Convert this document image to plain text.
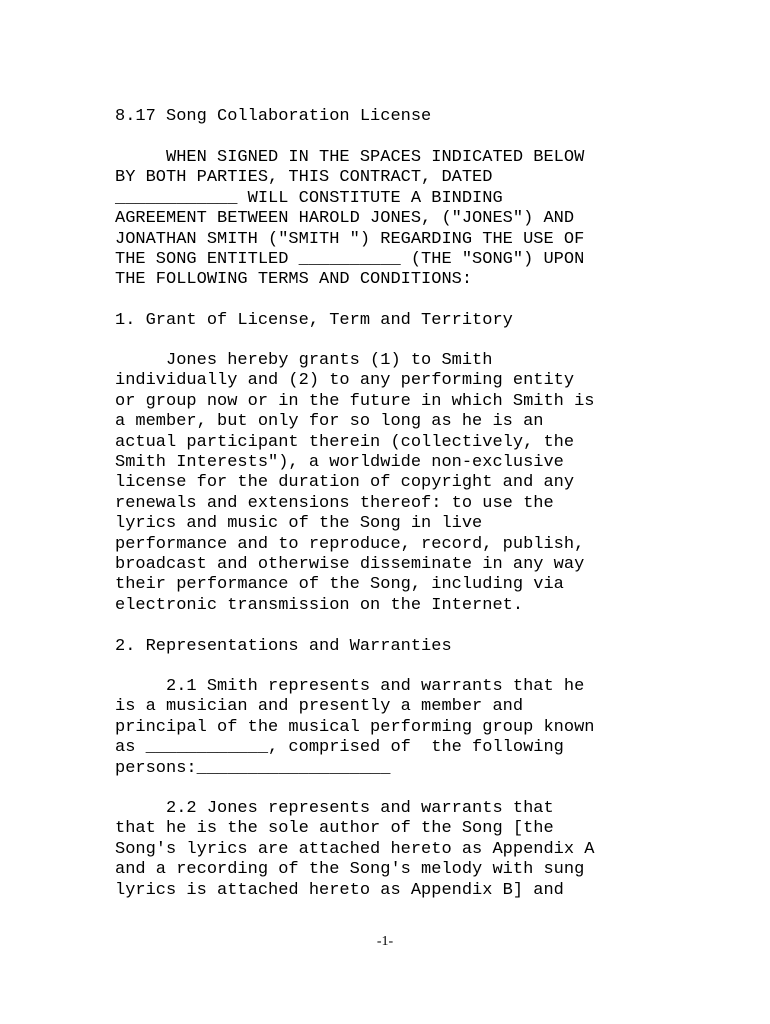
8.17 Song Collaboration License
WHEN SIGNED IN THE SPACES INDICATED BELOW
BY BOTH PARTIES, THIS CONTRACT, DATED
____________ WILL CONSTITUTE A BINDING
AGREEMENT BETWEEN HAROLD JONES, ("JONES") AND
JONATHAN SMITH ("SMITH ") REGARDING THE USE OF
THE SONG ENTITLED __________ (THE "SONG") UPON
THE FOLLOWING TERMS AND CONDITIONS:
1. Grant of License, Term and Territory
Jones hereby grants (1) to Smith
individually and (2) to any performing entity
or group now or in the future in which Smith is
a member, but only for so long as he is an
actual participant therein (collectively, the
Smith Interests"), a worldwide non-exclusive
license for the duration of copyright and any
renewals and extensions thereof: to use the
lyrics and music of the Song in live
performance and to reproduce, record, publish,
broadcast and otherwise disseminate in any way
their performance of the Song, including via
electronic transmission on the Internet.
2. Representations and Warranties
2.1 Smith represents and warrants that he
is a musician and presently a member and
principal of the musical performing group known
as ____________, comprised of  the following
persons:___________________
2.2 Jones represents and warrants that
that he is the sole author of the Song [the
Song's lyrics are attached hereto as Appendix A
and a recording of the Song's melody with sung
lyrics is attached hereto as Appendix B] and
-1-
